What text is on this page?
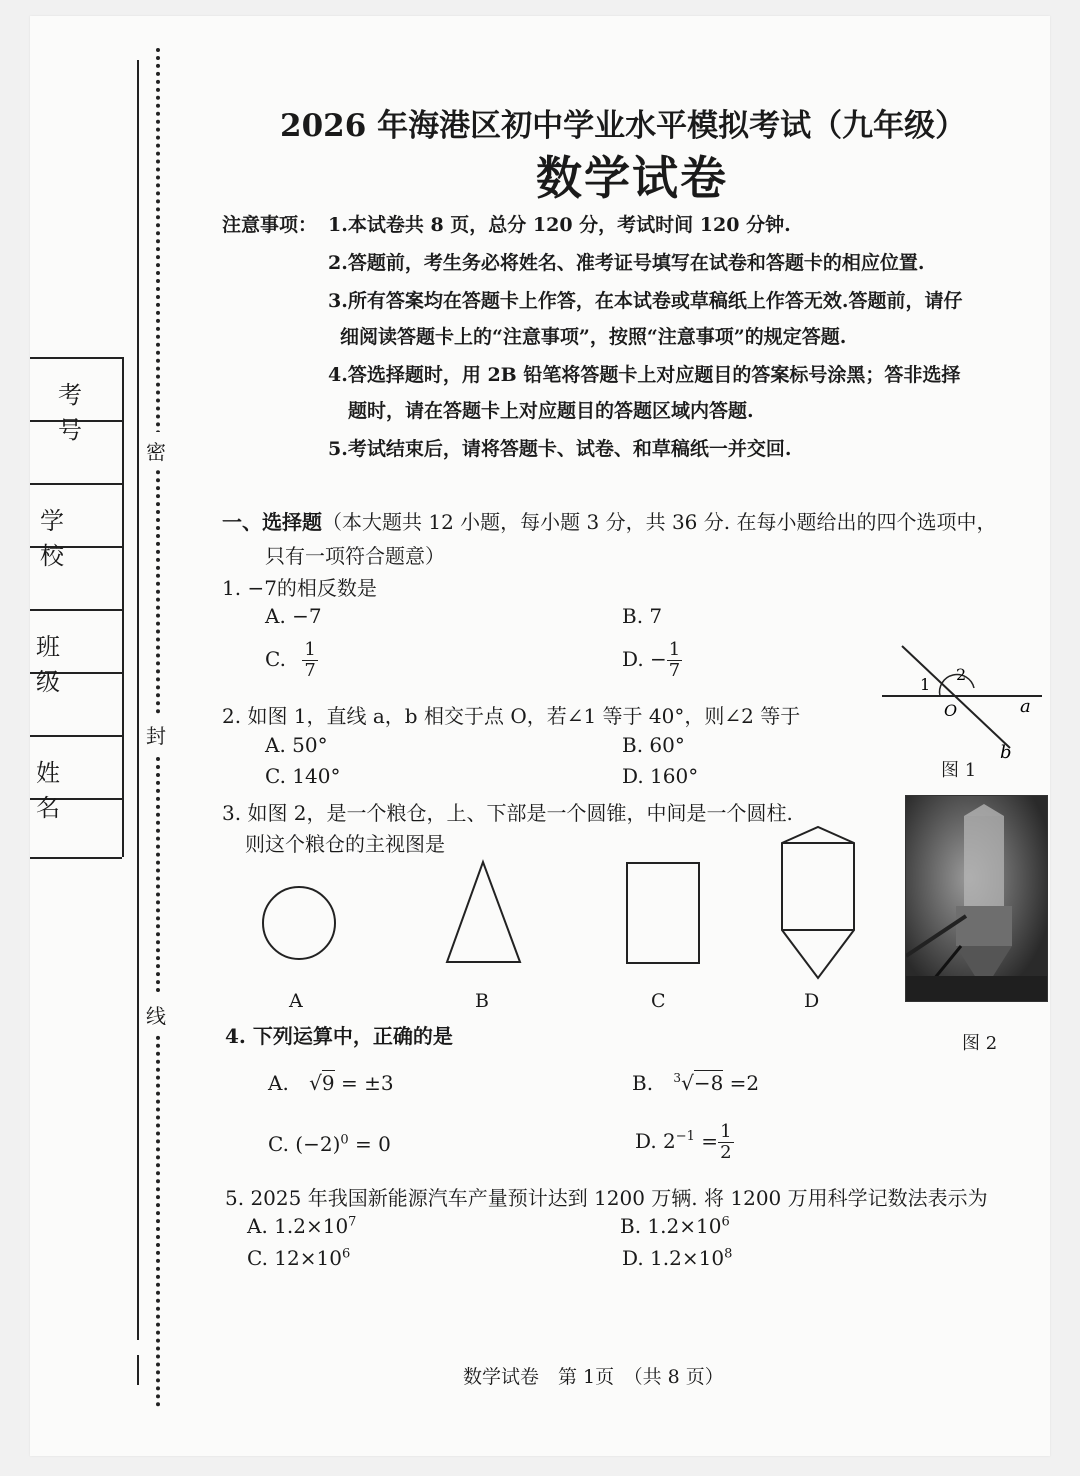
密
封
线
考 号
学 校
班 级
姓 名
2026 年海港区初中学业水平模拟考试（九年级）
数学试卷
注意事项： 1.本试卷共 8 页，总分 120 分，考试时间 120 分钟.
2.答题前，考生务必将姓名、准考证号填写在试卷和答题卡的相应位置.
3.所有答案均在答题卡上作答，在本试卷或草稿纸上作答无效.答题前，请仔
细阅读答题卡上的“注意事项”，按照“注意事项”的规定答题.
4.答选择题时，用 2B 铅笔将答题卡上对应题目的答案标号涂黑；答非选择
题时，请在答题卡上对应题目的答题区域内答题.
5.考试结束后，请将答题卡、试卷、和草稿纸一并交回.
一、选择题（本大题共 12 小题，每小题 3 分，共 36 分. 在每小题给出的四个选项中，
只有一项符合题意）
1. −7的相反数是
A. −7	B. 7
C. $\frac{1}{7}$	D. − $\frac{1}{7}$
1
2
O	a
b
图 1
2. 如图 1，直线 a，b 相交于点 O，若∠1 等于 40°，则∠2 等于
A. 50°	B. 60°
C. 140°	D. 160°
3. 如图 2，是一个粮仓，上、下部是一个圆锥，中间是一个圆柱.
则这个粮仓的主视图是
A	B	C	D
图 2
4. 下列运算中，正确的是
A. √9 = ±3	B. $^3$√−8 =2
C. $(-2)^0 = 0$	D. $2^{-1} = \frac{1}{2}$
5. 2025 年我国新能源汽车产量预计达到 1200 万辆. 将 1200 万用科学记数法表示为
A. $1.2\times 10^7$	B. $1.2\times 10^6$
C. $12\times 10^6$	D. $1.2\times 10^8$
数学试卷　第 1页　（共 8 页）
